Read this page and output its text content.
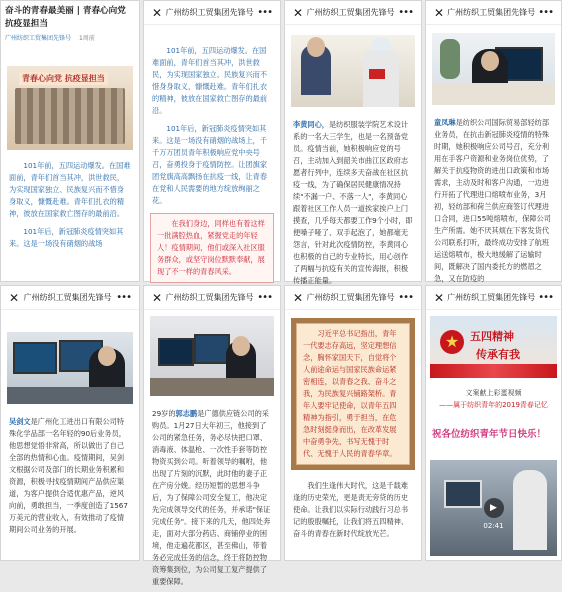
奋斗的青春最美丽 | 青春心向党 抗疫显担当
广州纺织工贸集团先锋号 1周前
青春心向党 抗疫显担当
101年前，五四运动爆发。在国难面前，青年们首当其冲，洪世救民，为实现国家独立、民族复兴而不惜身身取义，慷慨赴难。青年们扎衣的精神，彼放在国家救亡图存的最前沿。
101年后，新冠肺炎疫情突如其来。这是一场没有硝烟的战场
✕ 广州纺织工贸集团先锋号 •••
101年前，五四运动爆发。在国难面前，青年们首当其冲，洪世救民，为实现国家独立、民族复兴而不惜身身取义，慷慨赴难。青年们扎衣的精神，彼放在国家救亡图存的最前沿。
101年后，新冠肺炎疫情突如其来。这是一场没有硝烟的战场上，千千万万团员青年积极响应党中央号召，奋勇投身于疫情防控。让团旗家团党旗高高飘扬在抗疫一线，让青春在党和人民需要的地方绽放绚丽之花。
在我们身边，同样也有着这样一批满腔热血，紧握党走的年轻人！疫情期间，他们或深入社区服务群众，或坚守岗位默默奉献，展现了不一样的青春风采。
✕ 广州纺织工贸集团先锋号 •••
李黄同心，是纺织服装学院艺术设计系的一名大三学生，也是一名预备党员。疫情当前，她积极响应党的号召，主动加入到韶关市曲江区政府志愿者行列中，连续多天奋战在社区抗疫一线，为了确保居民健康情况持续"不漏一户、不落一人"，李黄同心跟着社区工作人员一道挨家挨户上门摸查，几乎每天都要工作9个小时，即便嗓子哑了、双手起泡了，她都毫无怨言，针对此次疫情防控，李黄同心也积极的自己的专业特长，用心创作了两幅与抗疫有关的宣传海报，积极传播正能量。
✕ 广州纺织工贸集团先锋号 •••
童凤琳是纺织公司国际贸易部轻纺部业务员，在抗击新冠肺炎疫情的特殊时期，她积极响应公司号召，充分利用在手客户资源和业务岗位优势，了解关于抗疫物资的进出口政策和市场需求，主动及时和客户沟通，一边进行开拓了代理进口熔喷布业务，3月初，轻纺部和荷兰供应商签订代理进口合同，进口55吨熔喷布，保障公司生产所需。她不厌其烦在下客发货代公司联系打听，最终成功安排了航班运送熔喷布，极大地缓解了运输时间，既解决了国内委托方的燃眉之急，又在防疫的
✕ 广州纺织工贸集团先锋号 •••
吴剑文是广州化工进出口有限公司特殊化学品部一名年轻的90后业务员，他思想觉悟非常高，所以做出了自己全部的热情和心血。疫情期间，吴剑文根据公司及部门的长期业务积累和资源，积极寻找疫情期间产品供应渠道，为客户提供合适优惠产品，逆风向前，勇敢担当，一季度创造了1567万美元的营业收入，有效推动了疫情期间公司业务的开展。
✕ 广州纺织工贸集团先锋号 •••
29岁的郭志鹏是广德供应链公司的采购员。1月27日大年初三，他接到了公司的紧急任务，务必尽快把口罩、消毒液、体温枪、一次性手套等防控物资买到公司。听着领导的嘱咐，他出现了片刻的沉默，此时他的妻子正在产房分娩。经历短暂的思想斗争后，为了保障公司安全复工，他决定先完成领导交代的任务，并承诺"保证完成任务"。接下来的几天，他四处奔走，面对大部分药店、商铺停业的困境，他走遍花都区，甚至佛山，带着务必完成任务的信念，终于将防控物资筹集到位，为公司复工复产提供了重要保障。
✕ 广州纺织工贸集团先锋号 •••
习近平总书记指出，青年一代要志存高远，坚定理想信念，胸怀家国天下，自觉将个人前途命运与国家民族命运紧密相连，以青春之我、奋斗之我，为民族复兴铺路架桥。青年人要牢记使命，以青年五四精神为指引，勇于担当，在危急时刻挺身而出，在改革发展中奋勇争先，书写无愧于时代、无愧于人民的青春华章。
我们生逢伟大时代，这是千载难逢的历史荣光，更是责无旁贷的历史使命。让我们以实际行动践行习总书记的殷殷嘱托，让我们将五四精神、奋斗的青春在新时代绽放光芒。
✕ 广州纺织工贸集团先锋号 •••
★ 五四精神
传承有我
文案献上彩蛋视频
——属于纺织青年的2019青春记忆
祝各位纺织青年节日快乐！
▶
02:41
